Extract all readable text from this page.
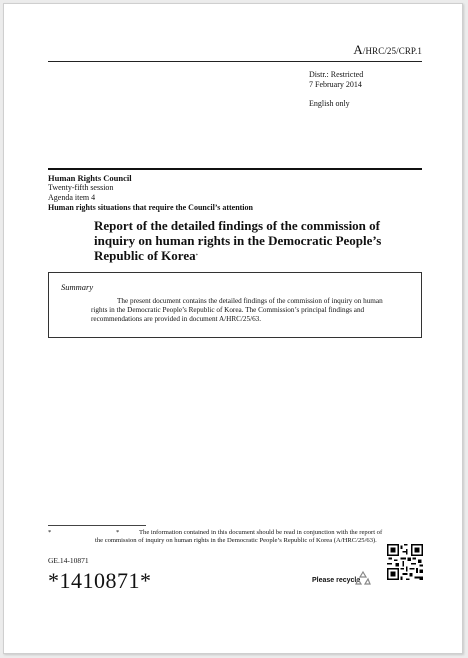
A/HRC/25/CRP.1
Distr.: Restricted
7 February 2014
English only
Human Rights Council
Twenty-fifth session
Agenda item 4
Human rights situations that require the Council’s attention
Report of the detailed findings of the commission of inquiry on human rights in the Democratic People’s Republic of Korea*
Summary
The present document contains the detailed findings of the commission of inquiry on human rights in the Democratic People’s Republic of Korea. The Commission’s principal findings and recommendations are provided in document A/HRC/25/63.
*	*	The information contained in this document should be read in conjunction with the report of the commission of inquiry on human rights in the Democratic People’s Republic of Korea (A/HRC/25/63).
GE.14-10871
*1410871*	Please recycle
